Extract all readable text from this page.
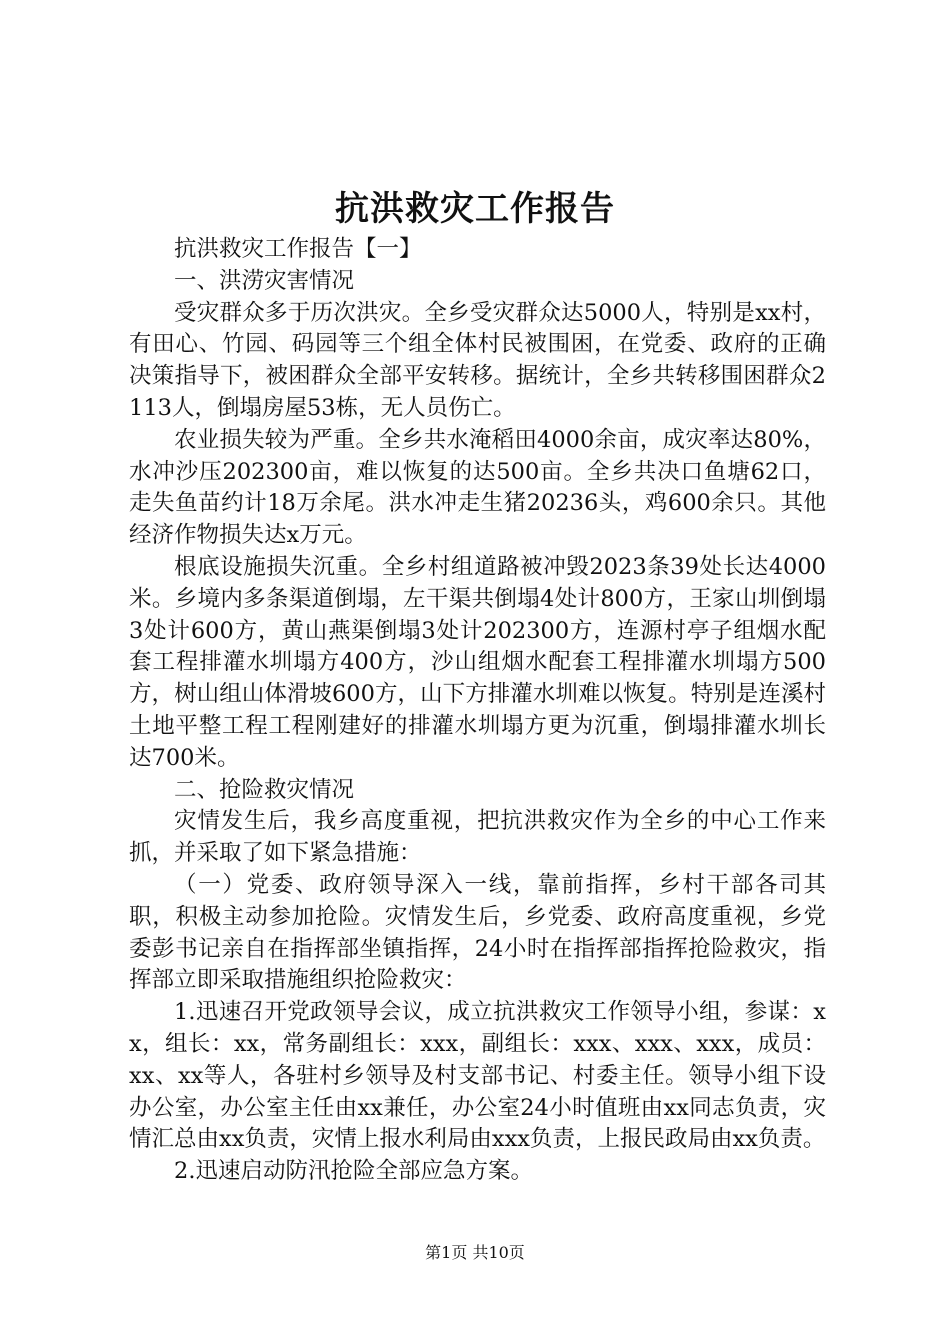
抗洪救灾工作报告

抗洪救灾工作报告【一】

一、洪涝灾害情况

受灾群众多于历次洪灾。全乡受灾群众达5000人，特别是xx村，有田心、竹园、码园等三个组全体村民被围困，在党委、政府的正确决策指导下，被困群众全部平安转移。据统计，全乡共转移围困群众2113人，倒塌房屋53栋，无人员伤亡。

农业损失较为严重。全乡共水淹稻田4000余亩，成灾率达80%，水冲沙压202300亩，难以恢复的达500亩。全乡共决口鱼塘62口，走失鱼苗约计18万余尾。洪水冲走生猪20236头，鸡600余只。其他经济作物损失达x万元。

根底设施损失沉重。全乡村组道路被冲毁2023条39处长达4000米。乡境内多条渠道倒塌，左干渠共倒塌4处计800方，王家山圳倒塌3处计600方，黄山燕渠倒塌3处计202300方，连源村亭子组烟水配套工程排灌水圳塌方400方，沙山组烟水配套工程排灌水圳塌方500方，树山组山体滑坡600方，山下方排灌水圳难以恢复。特别是连溪村土地平整工程工程刚建好的排灌水圳塌方更为沉重，倒塌排灌水圳长达700米。

二、抢险救灾情况

灾情发生后，我乡高度重视，把抗洪救灾作为全乡的中心工作来抓，并采取了如下紧急措施：

（一）党委、政府领导深入一线，靠前指挥，乡村干部各司其职，积极主动参加抢险。灾情发生后，乡党委、政府高度重视，乡党委彭书记亲自在指挥部坐镇指挥，24小时在指挥部指挥抢险救灾，指挥部立即采取措施组织抢险救灾：

1.迅速召开党政领导会议，成立抗洪救灾工作领导小组，参谋：xx，组长：xx，常务副组长：xxx，副组长：xxx、xxx、xxx，成员：xx、xx等人，各驻村乡领导及村支部书记、村委主任。领导小组下设办公室，办公室主任由xx兼任，办公室24小时值班由xx同志负责，灾情汇总由xx负责，灾情上报水利局由xxx负责，上报民政局由xx负责。

2.迅速启动防汛抢险全部应急方案。

第1页 共10页
